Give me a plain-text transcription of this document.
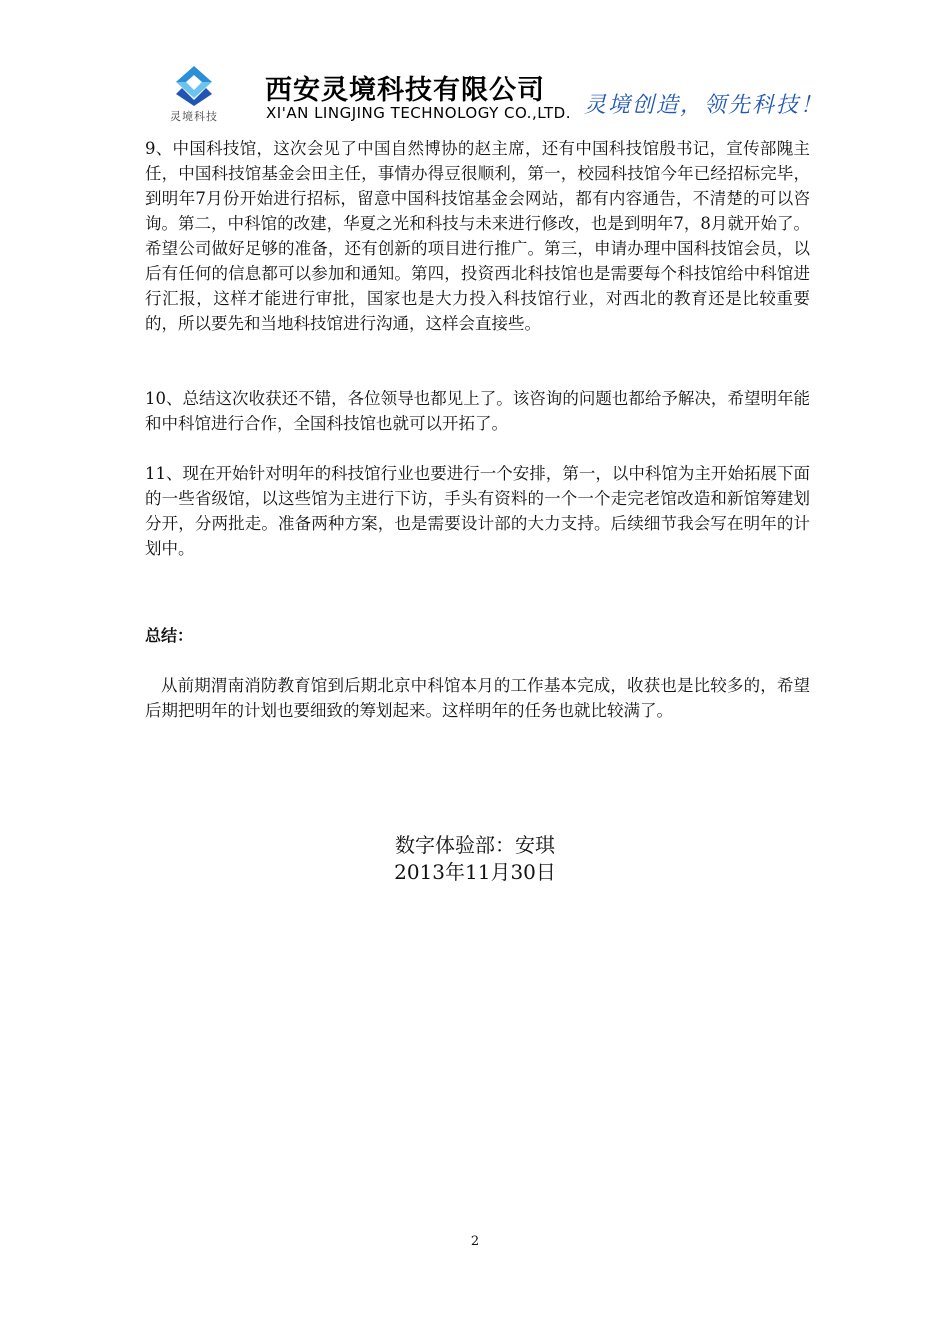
灵境科技
西安灵境科技有限公司
XI'AN LINGJING TECHNOLOGY CO.,LTD. 灵境创造，领先科技！

9、中国科技馆，这次会见了中国自然博协的赵主席，还有中国科技馆殷书记，宣传部隗主任，中国科技馆基金会田主任，事情办得豆很顺利，第一，校园科技馆今年已经招标完毕，到明年7月份开始进行招标，留意中国科技馆基金会网站，都有内容通告，不清楚的可以咨询。第二，中科馆的改建，华夏之光和科技与未来进行修改，也是到明年7，8月就开始了。希望公司做好足够的准备，还有创新的项目进行推广。第三，申请办理中国科技馆会员，以后有任何的信息都可以参加和通知。第四，投资西北科技馆也是需要每个科技馆给中科馆进行汇报，这样才能进行审批，国家也是大力投入科技馆行业，对西北的教育还是比较重要的，所以要先和当地科技馆进行沟通，这样会直接些。

10、总结这次收获还不错，各位领导也都见上了。该咨询的问题也都给予解决，希望明年能和中科馆进行合作，全国科技馆也就可以开拓了。

11、现在开始针对明年的科技馆行业也要进行一个安排，第一，以中科馆为主开始拓展下面的一些省级馆，以这些馆为主进行下访，手头有资料的一个一个走完老馆改造和新馆筹建划分开，分两批走。准备两种方案，也是需要设计部的大力支持。后续细节我会写在明年的计划中。

总结：

从前期渭南消防教育馆到后期北京中科馆本月的工作基本完成，收获也是比较多的，希望后期把明年的计划也要细致的筹划起来。这样明年的任务也就比较满了。

数字体验部：安琪
2013年11月30日
2
